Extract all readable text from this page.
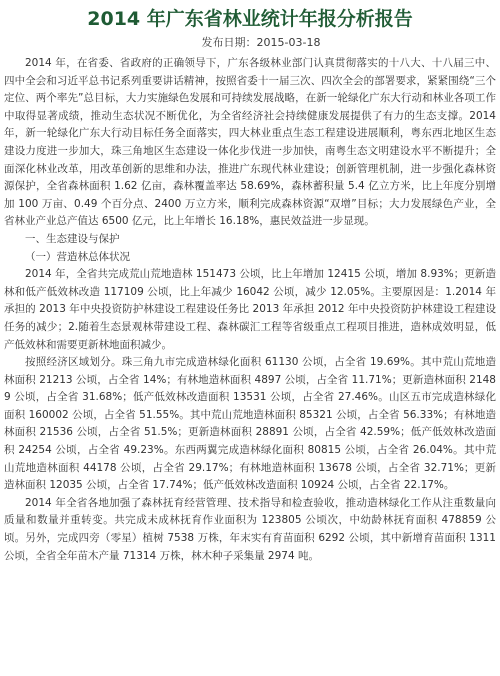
2014 年广东省林业统计年报分析报告
发布日期：2015-03-18

2014 年，在省委、省政府的正确领导下，广东各级林业部门认真贯彻落实的十八大、十八届三中、四中全会和习近平总书记系列重要讲话精神，按照省委十一届三次、四次全会的部署要求，紧紧围绕“三个定位、两个率先”总目标，大力实施绿色发展和可持续发展战略，在新一轮绿化广东大行动和林业各项工作中取得显著成绩，推动生态状况不断优化，为全省经济社会持续健康发展提供了有力的生态支撑。2014 年，新一轮绿化广东大行动目标任务全面落实，四大林业重点生态工程建设进展顺利，粤东西北地区生态建设力度进一步加大，珠三角地区生态建设一体化步伐进一步加快，南粤生态文明建设水平不断提升；全面深化林业改革，用改革创新的思维和办法，推进广东现代林业建设；创新管理机制，进一步强化森林资源保护，全省森林面积 1.62 亿亩，森林覆盖率达 58.69%，森林蓄积量 5.4 亿立方米，比上年度分别增加 100 万亩、0.49 个百分点、2400 万立方米，顺利完成森林资源“双增”目标；大力发展绿色产业，全省林业产业总产值达 6500 亿元，比上年增长 16.18%，惠民效益进一步显现。

一、生态建设与保护

（一）营造林总体状况

2014 年，全省共完成荒山荒地造林 151473 公顷，比上年增加 12415 公顷，增加 8.93%；更新造林和低产低效林改造 117109 公顷，比上年减少 16042 公顷，减少 12.05%。主要原因是：1.2014 年承担的 2013 年中央投资防护林建设工程建设任务比 2013 年承担 2012 年中央投资防护林建设工程建设任务的减少；2.随着生态景观林带建设工程、森林碳汇工程等省级重点工程项目推进，造林成效明显，低产低效林和需要更新林地面积减少。

按照经济区域划分。珠三角九市完成造林绿化面积 61130 公顷，占全省 19.69%。其中荒山荒地造林面积 21213 公顷，占全省 14%；有林地造林面积 4897 公顷，占全省 11.71%；更新造林面积 21489 公顷，占全省 31.68%；低产低效林改造面积 13531 公顷，占全省 27.46%。山区五市完成造林绿化面积 160002 公顷，占全省 51.55%。其中荒山荒地造林面积 85321 公顷，占全省 56.33%；有林地造林面积 21536 公顷，占全省 51.5%；更新造林面积 28891 公顷，占全省 42.59%；低产低效林改造面积 24254 公顷，占全省 49.23%。东西两翼完成造林绿化面积 80815 公顷，占全省 26.04%。其中荒山荒地造林面积 44178 公顷，占全省 29.17%；有林地造林面积 13678 公顷，占全省 32.71%；更新造林面积 12035 公顷，占全省 17.74%；低产低效林改造面积 10924 公顷，占全省 22.17%。

2014 年全省各地加强了森林抚育经营管理、技术指导和检查验收，推动造林绿化工作从注重数量向质量和数量并重转变。共完成未成林抚育作业面积为 123805 公顷次，中幼龄林抚育面积 478859 公顷。另外，完成四旁（零星）植树 7538 万株，年末实有育苗面积 6292 公顷，其中新增育苗面积 1311 公顷，全省全年苗木产量 71314 万株，林木种子采集量 2974 吨。
